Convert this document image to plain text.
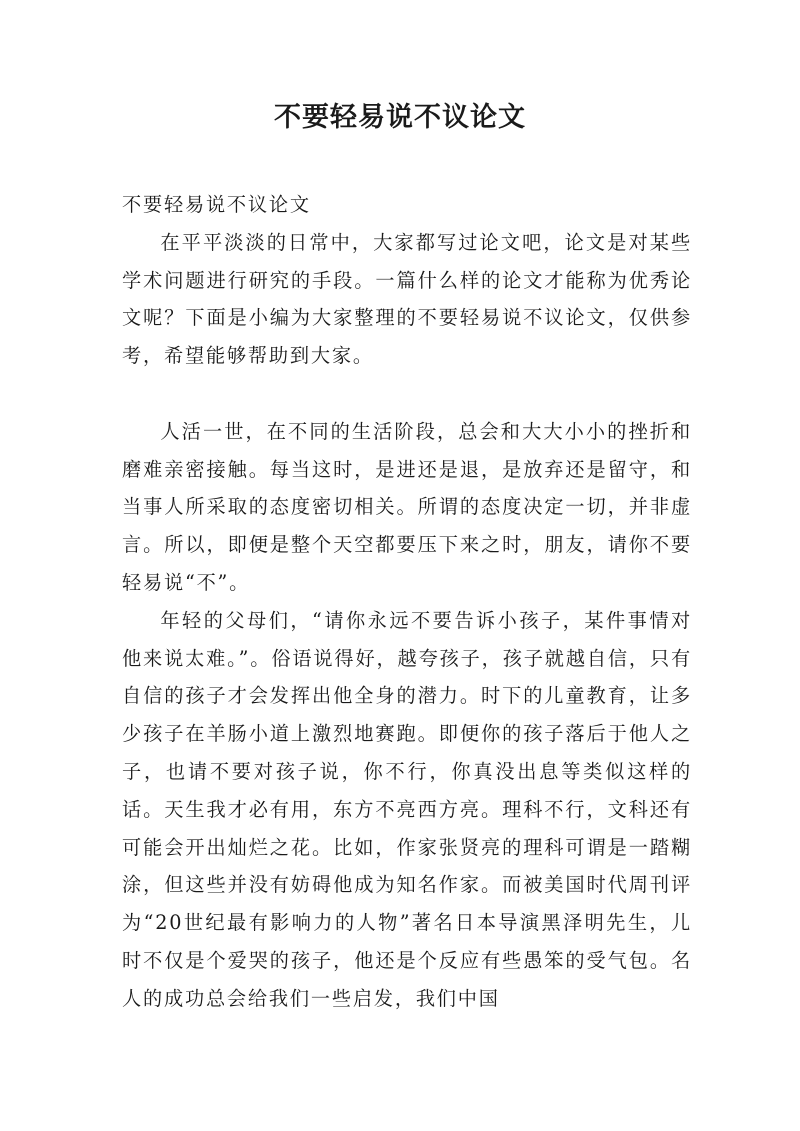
不要轻易说不议论文

不要轻易说不议论文

在平平淡淡的日常中，大家都写过论文吧，论文是对某些学术问题进行研究的手段。一篇什么样的论文才能称为优秀论文呢？下面是小编为大家整理的不要轻易说不议论文，仅供参考，希望能够帮助到大家。

人活一世，在不同的生活阶段，总会和大大小小的挫折和磨难亲密接触。每当这时，是进还是退，是放弃还是留守，和当事人所采取的态度密切相关。所谓的态度决定一切，并非虚言。所以，即便是整个天空都要压下来之时，朋友，请你不要轻易说“不”。

年轻的父母们，“请你永远不要告诉小孩子，某件事情对他来说太难。”。俗语说得好，越夸孩子，孩子就越自信，只有自信的孩子才会发挥出他全身的潜力。时下的儿童教育，让多少孩子在羊肠小道上激烈地赛跑。即便你的孩子落后于他人之子，也请不要对孩子说，你不行，你真没出息等类似这样的话。天生我才必有用，东方不亮西方亮。理科不行，文科还有可能会开出灿烂之花。比如，作家张贤亮的理科可谓是一踏糊涂，但这些并没有妨碍他成为知名作家。而被美国时代周刊评为“20世纪最有影响力的人物”著名日本导演黑泽明先生，儿时不仅是个爱哭的孩子，他还是个反应有些愚笨的受气包。名人的成功总会给我们一些启发，我们中国
